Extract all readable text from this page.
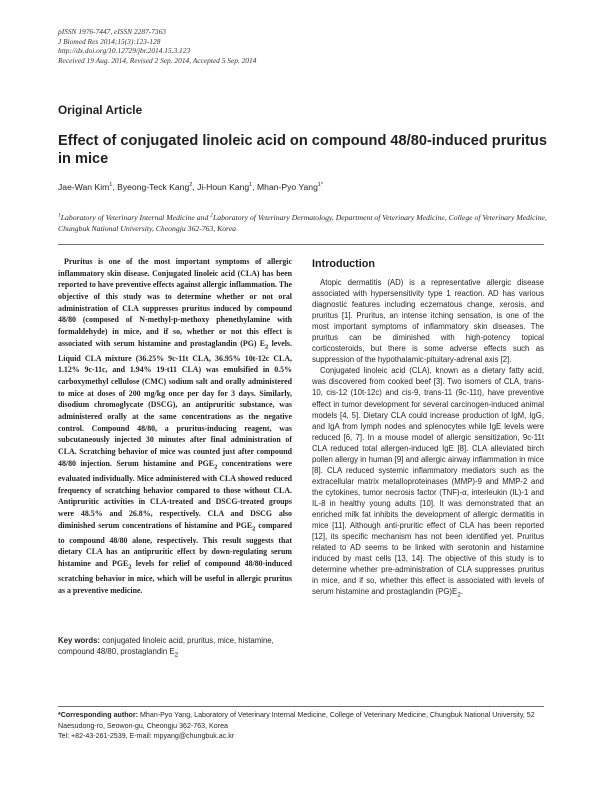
pISSN 1976-7447, eISSN 2287-7363
J Biomed Res 2014;15(3):123-128
http://dx.doi.org/10.12729/jbr.2014.15.3.123
Received 19 Aug. 2014, Revised 2 Sep. 2014, Accepted 5 Sep. 2014
Original Article
Effect of conjugated linoleic acid on compound 48/80-induced pruritus in mice
Jae-Wan Kim$^1$, Byeong-Teck Kang$^2$, Ji-Houn Kang$^1$, Mhan-Pyo Yang$^{1*}$
$^1$Laboratory of Veterinary Internal Medicine and $^2$Laboratory of Veterinary Dermatology, Department of Veterinary Medicine, College of Veterinary Medicine, Chungbuk National University, Cheongju 362-763, Korea

Pruritus is one of the most important symptoms of allergic inflammatory skin disease. Conjugated linoleic acid (CLA) has been reported to have preventive effects against allergic inflammation. The objective of this study was to determine whether or not oral administration of CLA suppresses pruritus induced by compound 48/80 (composed of N-methyl-p-methoxy phenethylamine with formaldehyde) in mice, and if so, whether or not this effect is associated with serum histamine and prostaglandin (PG) $E_2$ levels. Liquid CLA mixture (36.25% 9c-11t CLA, 36.95% 10t-12c CLA, 1.12% 9c-11c, and 1.94% 19-t11 CLA) was emulsified in 0.5% carboxymethyl cellulose (CMC) sodium salt and orally administered to mice at doses of 200 mg/kg once per day for 3 days. Similarly, disodium chromoglycate (DSCG), an antipruritic substance, was administered orally at the same concentrations as the negative control. Compound 48/80, a pruritus-inducing reagent, was subcutaneously injected 30 minutes after final administration of CLA. Scratching behavior of mice was counted just after compound 48/80 injection. Serum histamine and $PGE_2$ concentrations were evaluated individually. Mice administered with CLA showed reduced frequency of scratching behavior compared to those without CLA. Antipruritic activities in CLA-treated and DSCG-treated groups were 48.5% and 26.8%, respectively. CLA and DSCG also diminished serum concentrations of histamine and $PGE_2$ compared to compound 48/80 alone, respectively. This result suggests that dietary CLA has an antipruritic effect by down-regulating serum histamine and $PGE_2$ levels for relief of compound 48/80-induced scratching behavior in mice, which will be useful in allergic pruritus as a preventive medicine.

Key words: conjugated linoleic acid, pruritus, mice, histamine, compound 48/80, prostaglandin $E_2$
Introduction

Atopic dermatitis (AD) is a representative allergic disease associated with hypersensitivity type 1 reaction. AD has various diagnostic features including eczematous change, xerosis, and pruritus [1]. Pruritus, an intense itching sensation, is one of the most important symptoms of inflammatory skin diseases. The pruritus can be diminished with high-potency topical corticosteroids, but there is some adverse effects such as suppression of the hypothalamic-pituitary-adrenal axis [2].

Conjugated linoleic acid (CLA), known as a dietary fatty acid, was discovered from cooked beef [3]. Two isomers of CLA, trans-10, cis-12 (10t-12c) and cis-9, trans-11 (9c-11t), have preventive effect in tumor development for several carcinogen-induced animal models [4, 5]. Dietary CLA could increase production of IgM, IgG, and IgA from lymph nodes and splenocytes while IgE levels were reduced [6, 7]. In a mouse model of allergic sensitization, 9c-11t CLA reduced total allergen-induced IgE [8]. CLA alleviated birch pollen allergy in human [9] and allergic airway inflammation in mice [8]. CLA reduced systemic inflammatory mediators such as the extracellular matrix metalloproteinases (MMP)-9 and MMP-2 and the cytokines, tumor necrosis factor (TNF)-α, interleukin (IL)-1 and IL-8 in healthy young adults [10]. It was demonstrated that an enriched milk fat inhibits the development of allergic dermatitis in mice [11]. Although anti-pruritic effect of CLA has been reported [12], its specific mechanism has not been identified yet. Pruritus related to AD seems to be linked with serotonin and histamine induced by mast cells [13, 14]. The objective of this study is to determine whether pre-administration of CLA suppresses pruritus in mice, and if so, whether this effect is associated with levels of serum histamine and prostaglandin $(PG)E_2$.

*Corresponding author: Mhan-Pyo Yang, Laboratory of Veterinary Internal Medicine, College of Veterinary Medicine, Chungbuk National University, 52 Naesudong-ro, Seowon-gu, Cheongju 362-763, Korea
Tel: +82-43-261-2539, E-mail: mpyang@chungbuk.ac.kr
